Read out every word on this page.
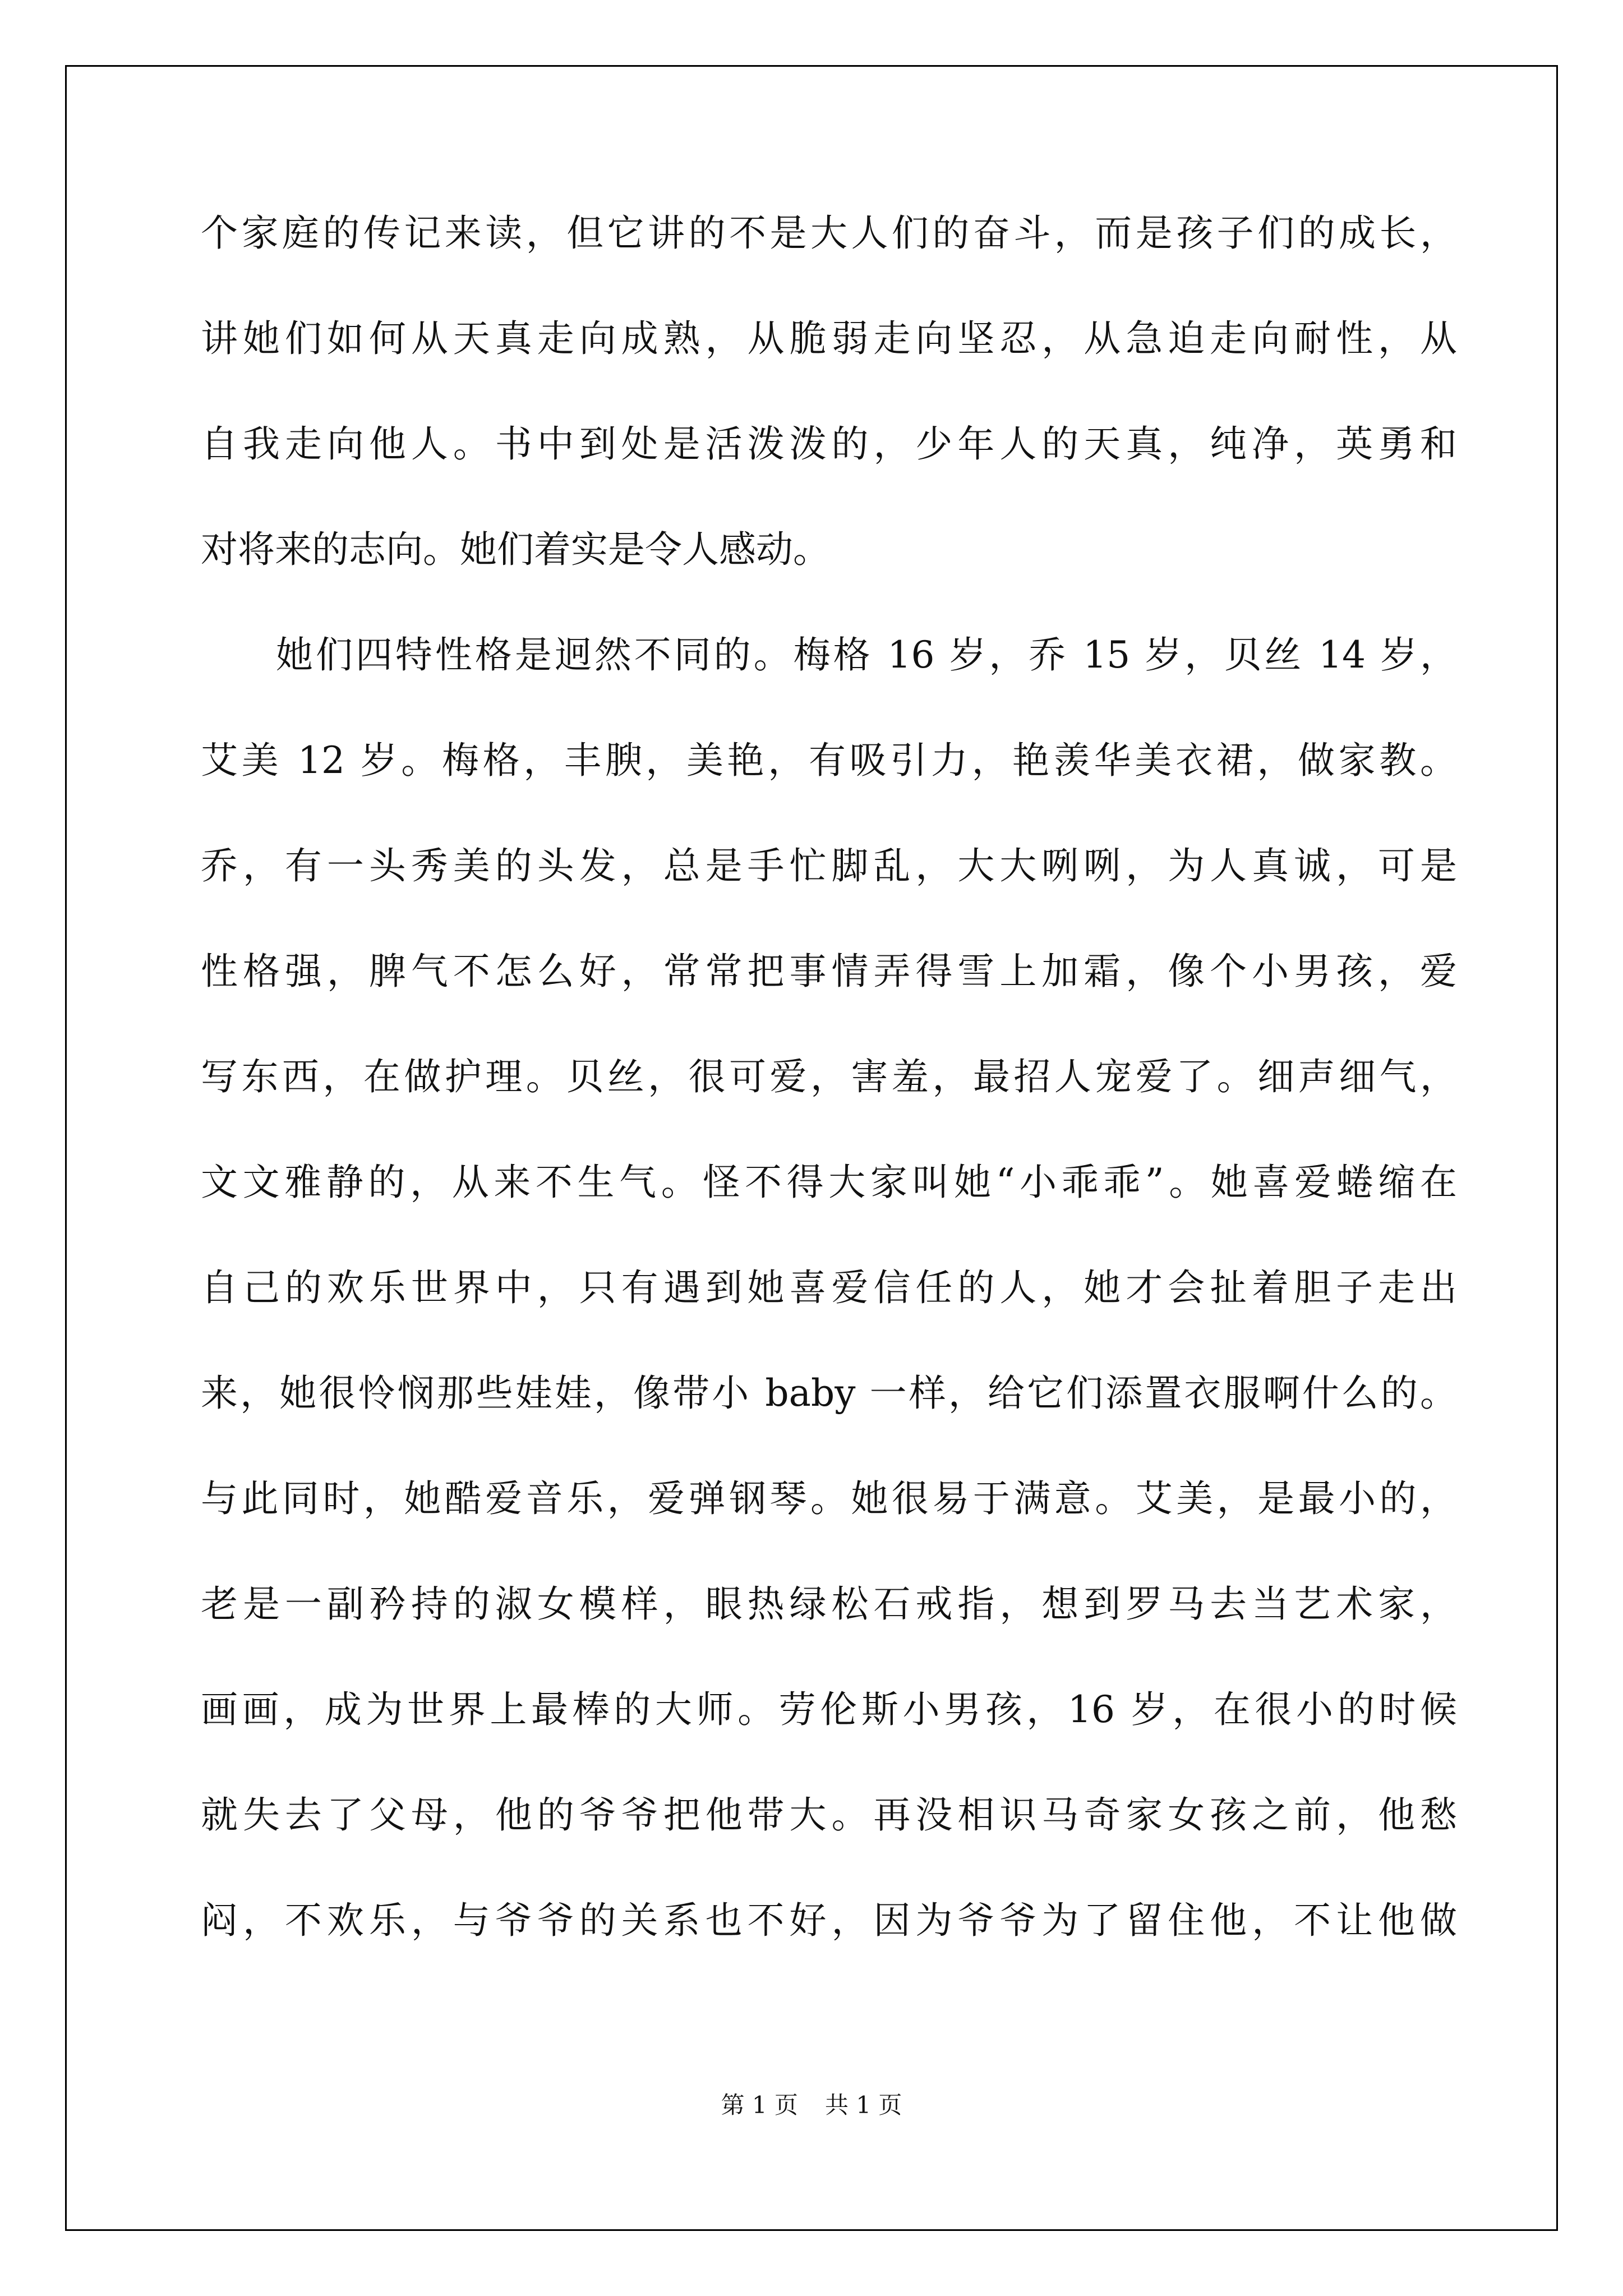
个家庭的传记来读，但它讲的不是大人们的奋斗，而是孩子们的成长，
讲她们如何从天真走向成熟，从脆弱走向坚忍，从急迫走向耐性，从
自我走向他人。书中到处是活泼泼的，少年人的天真，纯净，英勇和
对将来的志向。她们着实是令人感动。
她们四特性格是迥然不同的。梅格 16 岁，乔 15 岁，贝丝 14 岁，
艾美 12 岁。梅格，丰腴，美艳，有吸引力，艳羡华美衣裙，做家教。
乔，有一头秀美的头发，总是手忙脚乱，大大咧咧，为人真诚，可是
性格强，脾气不怎么好，常常把事情弄得雪上加霜，像个小男孩，爱
写东西，在做护理。贝丝，很可爱，害羞，最招人宠爱了。细声细气，
文文雅静的，从来不生气。怪不得大家叫她“小乖乖”。她喜爱蜷缩在
自己的欢乐世界中，只有遇到她喜爱信任的人，她才会扯着胆子走出
来，她很怜悯那些娃娃，像带小 baby 一样，给它们添置衣服啊什么的。
与此同时，她酷爱音乐，爱弹钢琴。她很易于满意。艾美，是最小的，
老是一副矜持的淑女模样，眼热绿松石戒指，想到罗马去当艺术家，
画画，成为世界上最棒的大师。劳伦斯小男孩，16 岁，在很小的时候
就失去了父母，他的爷爷把他带大。再没相识马奇家女孩之前，他愁
闷，不欢乐，与爷爷的关系也不好，因为爷爷为了留住他，不让他做
第 1 页 共 1 页
